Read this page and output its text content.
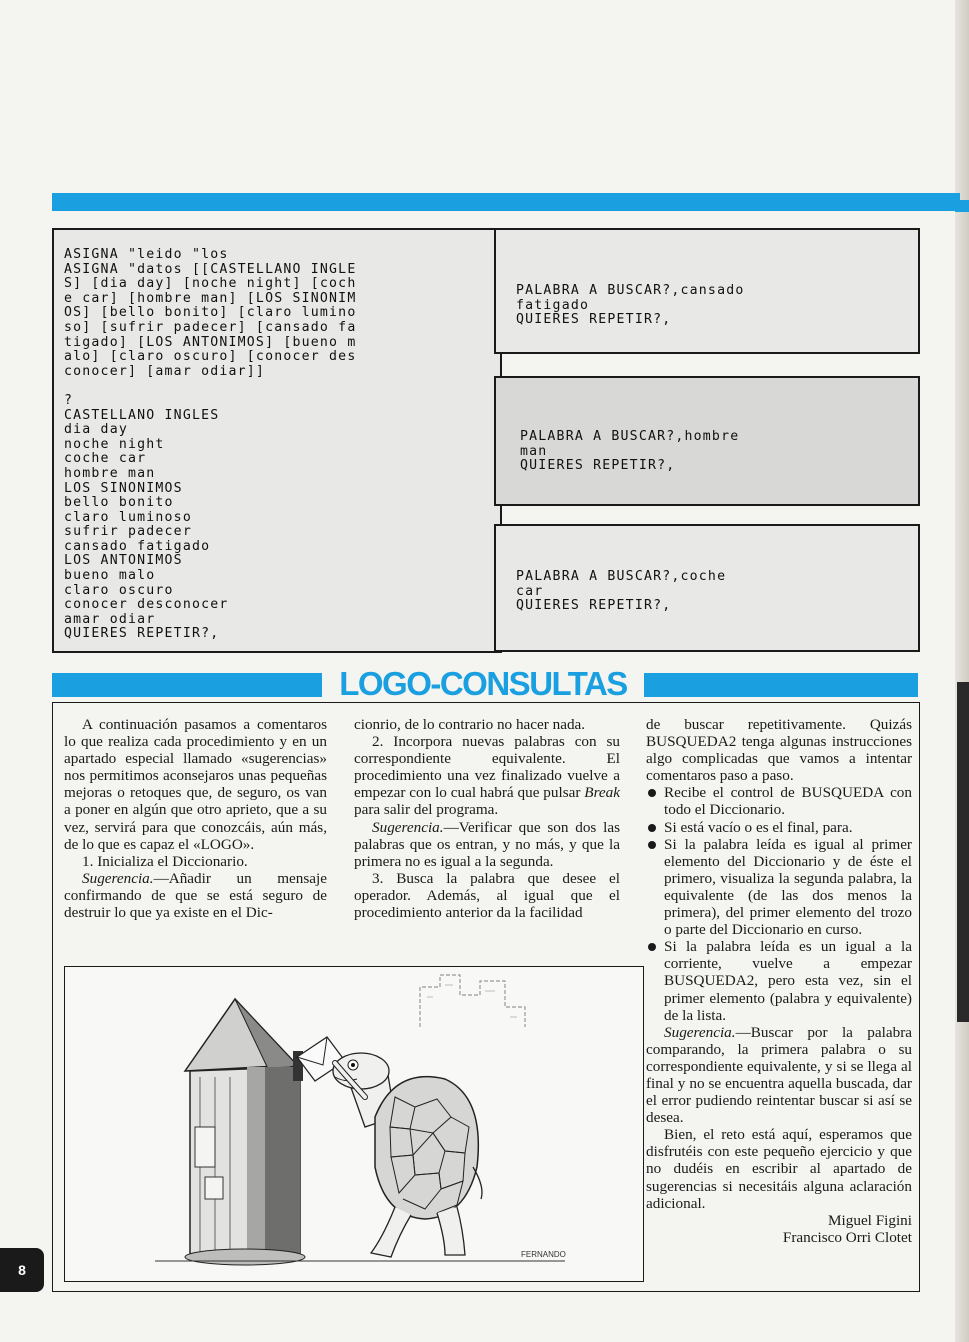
ASIGNA "leido "los
ASIGNA "datos [[CASTELLANO INGLE
S] [dia day] [noche night] [coch
e car] [hombre man] [LOS SINONIM
OS] [bello bonito] [claro lumino
so] [sufrir padecer] [cansado fa
tigado] [LOS ANTONIMOS] [bueno m
alo] [claro oscuro] [conocer des
conocer] [amar odiar]]

?
CASTELLANO INGLES
dia day
noche night
coche car
hombre man
LOS SINONIMOS
bello bonito
claro luminoso
sufrir padecer
cansado fatigado
LOS ANTONIMOS
bueno malo
claro oscuro
conocer desconocer
amar odiar
QUIERES REPETIR?,

PALABRA A BUSCAR?,cansado
fatigado
QUIERES REPETIR?,

PALABRA A BUSCAR?,hombre
man
QUIERES REPETIR?,

PALABRA A BUSCAR?,coche
car
QUIERES REPETIR?,

LOGO-CONSULTAS

A continuación pasamos a comentaros lo que realiza cada procedimiento y en un apartado especial llamado «sugerencias» nos permitimos aconsejaros unas pequeñas mejoras o retoques que, de seguro, os van a poner en algún que otro aprieto, que a su vez, servirá para que conozcáis, aún más, de lo que es capaz el «LOGO».

1. Inicializa el Diccionario.

Sugerencia.—Añadir un mensaje confirmando de que se está seguro de destruir lo que ya existe en el Dic-

cionrio, de lo contrario no hacer nada.

2. Incorpora nuevas palabras con su correspondiente equivalente. El procedimiento una vez finalizado vuelve a empezar con lo cual habrá que pulsar Break para salir del programa.

Sugerencia.—Verificar que son dos las palabras que os entran, y no más, y que la primera no es igual a la segunda.

3. Busca la palabra que desee el operador. Además, al igual que el procedimiento anterior da la facilidad

de buscar repetitivamente. Quizás BUSQUEDA2 tenga algunas instrucciones algo complicadas que vamos a intentar comentaros paso a paso.

Recibe el control de BUSQUEDA con todo el Diccionario.
Si está vacío o es el final, para.
Si la palabra leída es igual al primer elemento del Diccionario y de éste el primero, visualiza la segunda palabra, la equivalente (de las dos menos la primera), del primer elemento del trozo o parte del Diccionario en curso.
Si la palabra leída es un igual a la corriente, vuelve a empezar BUSQUEDA2, pero esta vez, sin el primer elemento (palabra y equivalente) de la lista.

Sugerencia.—Buscar por la palabra comparando, la primera palabra o su correspondiente equivalente, y si se llega al final y no se encuentra aquella buscada, dar el error pudiendo reintentar buscar si así se desea.

Bien, el reto está aquí, esperamos que disfrutéis con este pequeño ejercicio y que no dudéis en escribir al apartado de sugerencias si necesitáis alguna aclaración adicional.

Miguel Figini

Francisco Orri Clotet

FERNANDO
8
